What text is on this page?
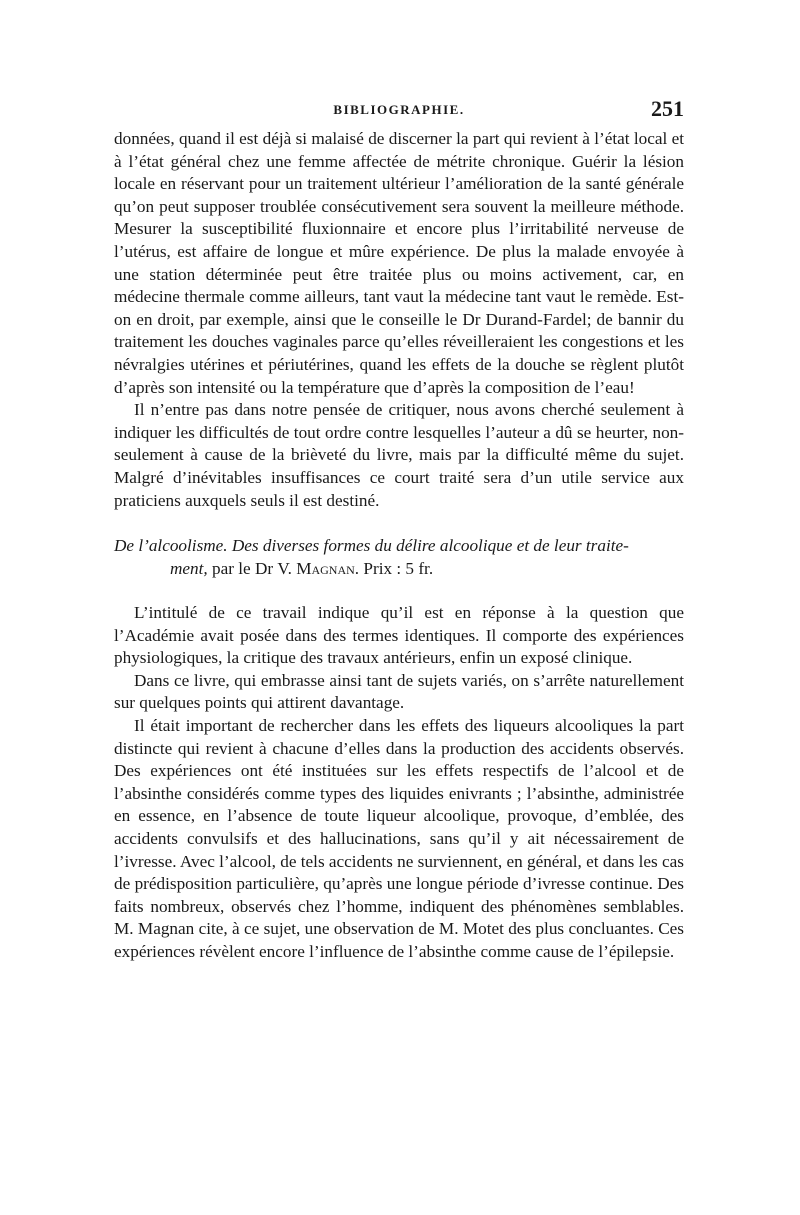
BIBLIOGRAPHIE.	251

données, quand il est déjà si malaisé de discerner la part qui revient à l’état local et à l’état général chez une femme affectée de métrite chronique. Guérir la lésion locale en réservant pour un traitement ultérieur l’amélioration de la santé générale qu’on peut supposer troublée consécutivement sera souvent la meilleure méthode. Mesurer la susceptibilité fluxionnaire et encore plus l’irritabilité nerveuse de l’utérus, est affaire de longue et mûre expérience. De plus la malade envoyée à une station déterminée peut être traitée plus ou moins activement, car, en médecine thermale comme ailleurs, tant vaut la médecine tant vaut le remède. Est-on en droit, par exemple, ainsi que le conseille le Dr Durand-Fardel; de bannir du traitement les douches vaginales parce qu’elles réveilleraient les congestions et les névralgies utérines et périutérines, quand les effets de la douche se règlent plutôt d’après son intensité ou la température que d’après la composition de l’eau!

Il n’entre pas dans notre pensée de critiquer, nous avons cherché seulement à indiquer les difficultés de tout ordre contre lesquelles l’auteur a dû se heurter, non-seulement à cause de la brièveté du livre, mais par la difficulté même du sujet. Malgré d’inévitables insuffisances ce court traité sera d’un utile service aux praticiens auxquels seuls il est destiné.

De l’alcoolisme. Des diverses formes du délire alcoolique et de leur traite-
ment, par le Dr V. Magnan. Prix : 5 fr.

L’intitulé de ce travail indique qu’il est en réponse à la question que l’Académie avait posée dans des termes identiques. Il comporte des expériences physiologiques, la critique des travaux antérieurs, enfin un exposé clinique.

Dans ce livre, qui embrasse ainsi tant de sujets variés, on s’arrête naturellement sur quelques points qui attirent davantage.

Il était important de rechercher dans les effets des liqueurs alcooliques la part distincte qui revient à chacune d’elles dans la production des accidents observés. Des expériences ont été instituées sur les effets respectifs de l’alcool et de l’absinthe considérés comme types des liquides enivrants ; l’absinthe, administrée en essence, en l’absence de toute liqueur alcoolique, provoque, d’emblée, des accidents convulsifs et des hallucinations, sans qu’il y ait nécessairement de l’ivresse. Avec l’alcool, de tels accidents ne surviennent, en général, et dans les cas de prédisposition particulière, qu’après une longue période d’ivresse continue. Des faits nombreux, observés chez l’homme, indiquent des phénomènes semblables. M. Magnan cite, à ce sujet, une observation de M. Motet des plus concluantes. Ces expériences révèlent encore l’influence de l’absinthe comme cause de l’épilepsie.
